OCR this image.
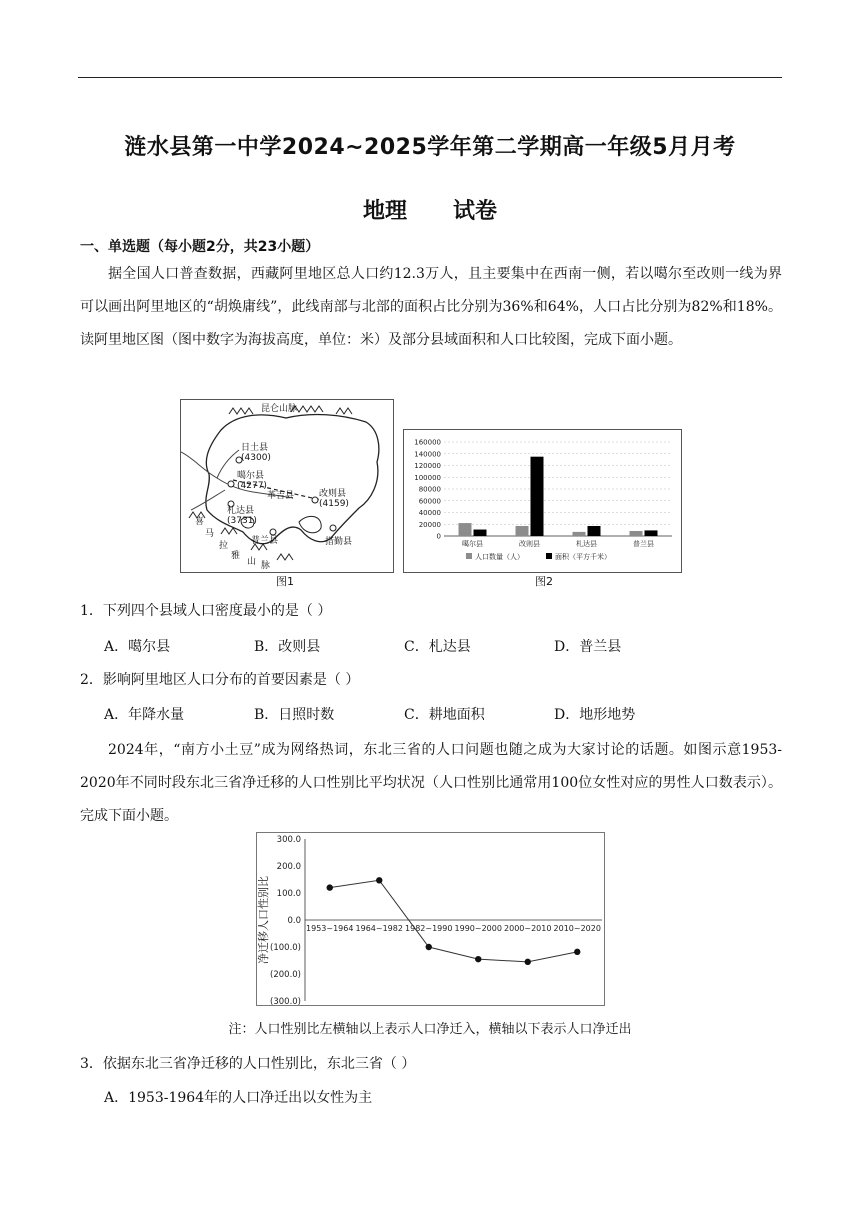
涟水县第一中学2024~2025学年第二学期高一年级5月月考
地理 试卷
一、单选题（每小题2分，共23小题）
据全国人口普查数据，西藏阿里地区总人口约12.3万人，且主要集中在西南一侧，若以噶尔至改则一线为界可以画出阿里地区的“胡焕庸线”，此线南部与北部的面积占比分别为36%和64%，人口占比分别为82%和18%。读阿里地区图（图中数字为海拔高度，单位：米）及部分县域面积和人口比较图，完成下面小题。
昆仑山脉
日土县
(4300)
噶尔县
(4277)
革吉县	改则县
(4159)
札达县
(3731)
普兰县	措勤县
喜
马
拉
雅
山 脉
图1
160000
140000
120000
100000
80000
60000
40000
20000
0
噶尔县	改则县	札达县	普兰县
人口数量（人）	面积（平方千米）
图2
1．下列四个县域人口密度最小的是（ ）
A．噶尔县	B．改则县	C．札达县	D．普兰县
2．影响阿里地区人口分布的首要因素是（ ）
A．年降水量	B．日照时数	C．耕地面积	D．地形地势
2024年，“南方小土豆”成为网络热词，东北三省的人口问题也随之成为大家讨论的话题。如图示意1953-2020年不同时段东北三省净迁移的人口性别比平均状况（人口性别比通常用100位女性对应的男性人口数表示）。完成下面小题。
300.0
200.0
100.0
0.0
(100.0)
(200.0)
(300.0)
净迁移人口性别比	1953~1964 1964~1982 1982~1990 1990~2000 2000~2010 2010~2020
注：人口性别比左横轴以上表示人口净迁入，横轴以下表示人口净迁出
3．依据东北三省净迁移的人口性别比，东北三省（ ）
A．1953-1964年的人口净迁出以女性为主
